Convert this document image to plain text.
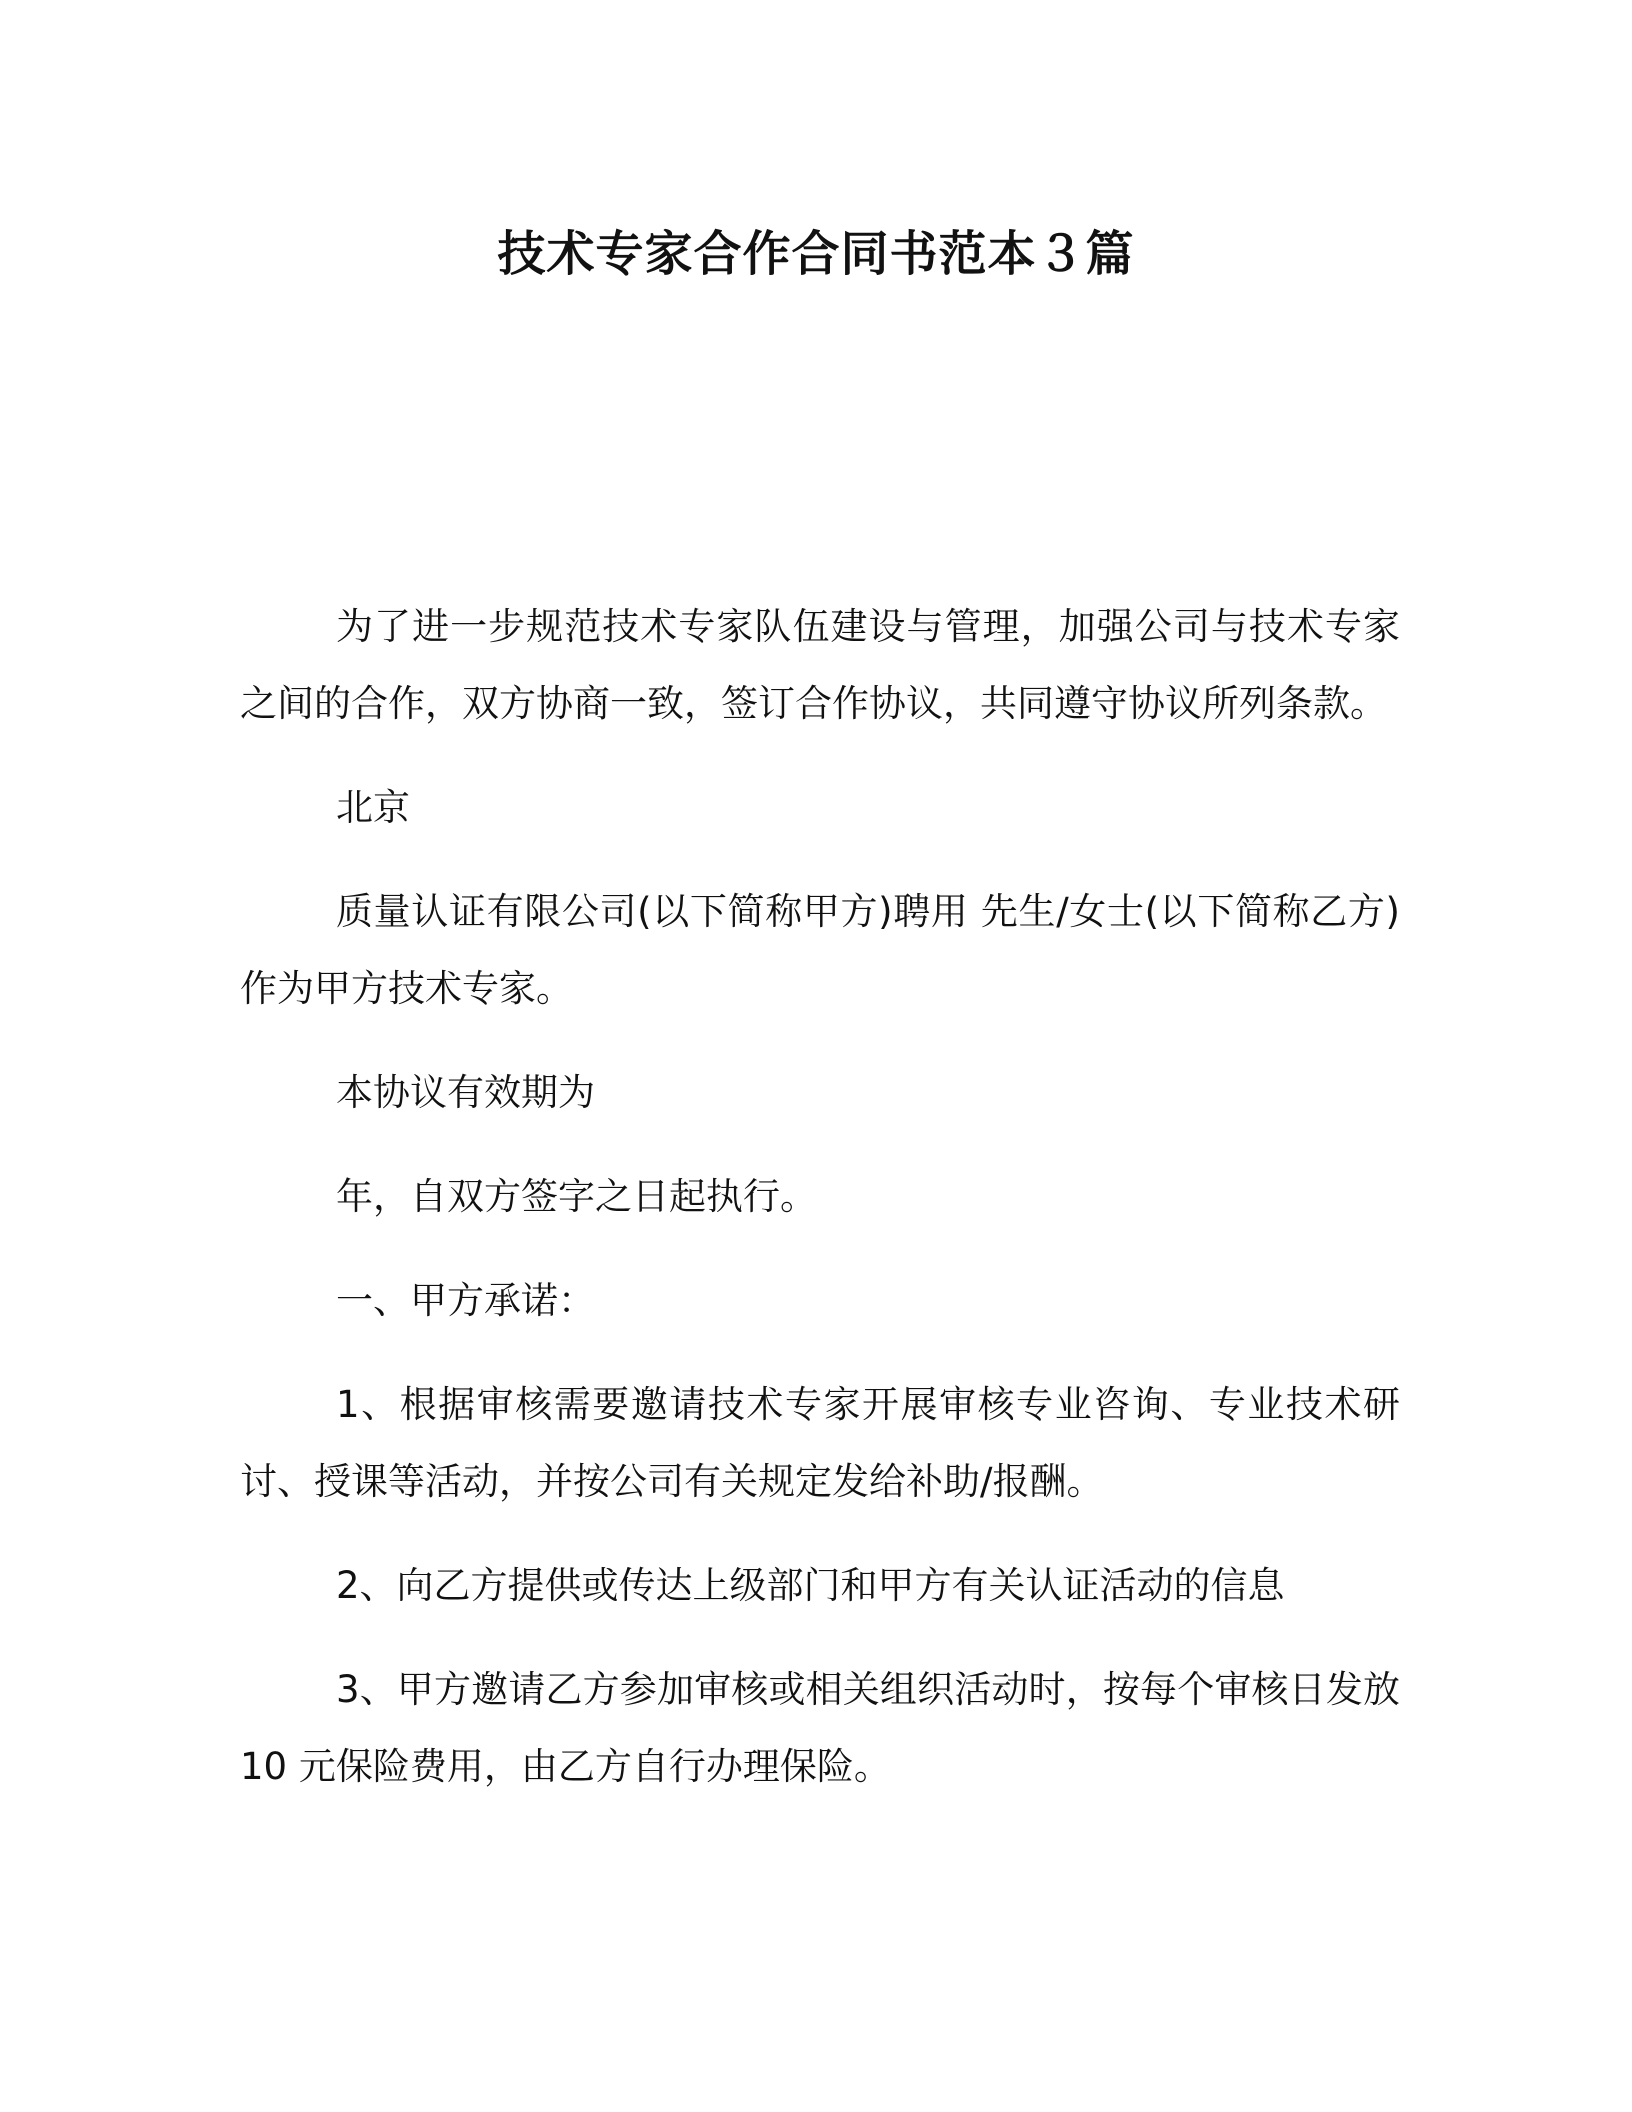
技术专家合作合同书范本３篇

为了进一步规范技术专家队伍建设与管理，加强公司与技术专家之间的合作，双方协商一致，签订合作协议，共同遵守协议所列条款。

北京

质量认证有限公司(以下简称甲方)聘用 先生/女士(以下简称乙方)作为甲方技术专家。

本协议有效期为

年，自双方签字之日起执行。

一、甲方承诺：

1、根据审核需要邀请技术专家开展审核专业咨询、专业技术研讨、授课等活动，并按公司有关规定发给补助/报酬。

2、向乙方提供或传达上级部门和甲方有关认证活动的信息

3、甲方邀请乙方参加审核或相关组织活动时，按每个审核日发放 10 元保险费用，由乙方自行办理保险。
